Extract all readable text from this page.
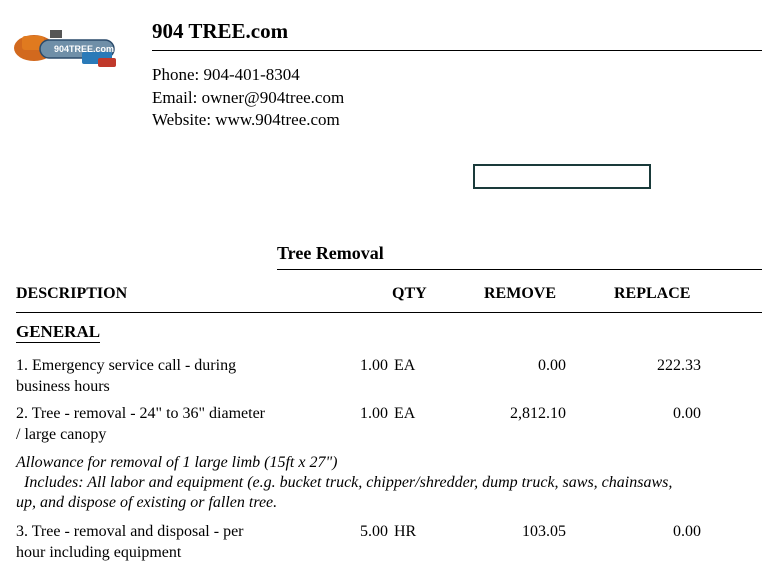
904TREE.com
904 TREE.com
Phone: 904-401-8304
Email: owner@904tree.com
Website: www.904tree.com
Tree Removal
DESCRIPTION	QTY	REMOVE	REPLACE
GENERAL
1. Emergency service call - during
business hours
1.00 EA	0.00	222.33
2. Tree - removal - 24" to 36" diameter
/ large canopy
1.00 EA	2,812.10	0.00
Allowance for removal of 1 large limb (15ft x 27")
Includes: All labor and equipment (e.g. bucket truck, chipper/shredder, dump truck, saws, chainsaws,
up, and dispose of existing or fallen tree.
3. Tree - removal and disposal - per
hour including equipment
5.00 HR	103.05	0.00
